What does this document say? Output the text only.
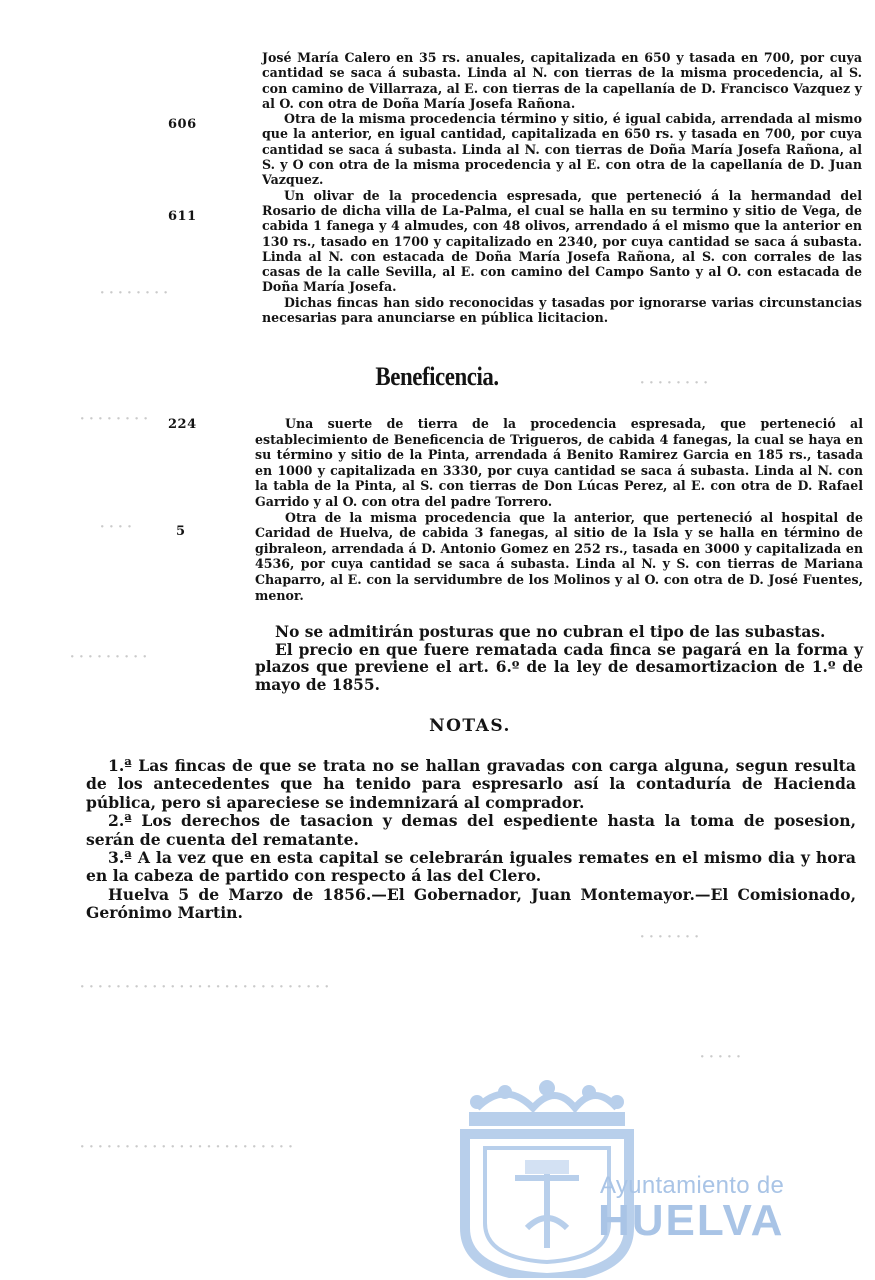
· · · · · · · ·
· · · · · · · ·
· · · · · · · ·
· · · ·
· · · · · · · · ·
· · · · · · ·
· · · · · · · · · · · · · · · · · · · · · · · · · · · ·
· · · · ·
· · · · · · · · · · · · · · · · · · · · · · · ·
606
611
224
5

José María Calero en 35 rs. anuales, capitalizada en 650 y tasada en 700, por cuya cantidad se saca á subasta. Linda al N. con tierras de la misma procedencia, al S. con camino de Villarraza, al E. con tierras de la capellanía de D. Francisco Vazquez y al O. con otra de Doña María Josefa Rañona.

Otra de la misma procedencia término y sitio, é igual cabida, arrendada al mismo que la anterior, en igual cantidad, capitalizada en 650 rs. y tasada en 700, por cuya cantidad se saca á subasta. Linda al N. con tierras de Doña María Josefa Rañona, al S. y O con otra de la misma procedencia y al E. con otra de la capellanía de D. Juan Vazquez.

Un olivar de la procedencia espresada, que perteneció á la hermandad del Rosario de dicha villa de La-Palma, el cual se halla en su termino y sitio de Vega, de cabida 1 fanega y 4 almudes, con 48 olivos, arrendado á el mismo que la anterior en 130 rs., tasado en 1700 y capitalizado en 2340, por cuya cantidad se saca á subasta. Linda al N. con estacada de Doña María Josefa Rañona, al S. con corrales de las casas de la calle Sevilla, al E. con camino del Campo Santo y al O. con estacada de Doña María Josefa.

Dichas fincas han sido reconocidas y tasadas por ignorarse varias circunstancias necesarias para anunciarse en pública licitacion.

Beneficencia.

Una suerte de tierra de la procedencia espresada, que perteneció al establecimiento de Beneficencia de Trigueros, de cabida 4 fanegas, la cual se haya en su término y sitio de la Pinta, arrendada á Benito Ramirez Garcia en 185 rs., tasada en 1000 y capitalizada en 3330, por cuya cantidad se saca á subasta. Linda al N. con la tabla de la Pinta, al S. con tierras de Don Lúcas Perez, al E. con otra de D. Rafael Garrido y al O. con otra del padre Torrero.

Otra de la misma procedencia que la anterior, que perteneció al hospital de Caridad de Huelva, de cabida 3 fanegas, al sitio de la Isla y se halla en término de gibraleon, arrendada á D. Antonio Gomez en 252 rs., tasada en 3000 y capitalizada en 4536, por cuya cantidad se saca á subasta. Linda al N. y S. con tierras de Mariana Chaparro, al E. con la servidumbre de los Molinos y al O. con otra de D. José Fuentes, menor.

No se admitirán posturas que no cubran el tipo de las subastas.

El precio en que fuere rematada cada finca se pagará en la forma y plazos que previene el art. 6.º de la ley de desamortizacion de 1.º de mayo de 1855.

NOTAS.

1.ª Las fincas de que se trata no se hallan gravadas con carga alguna, segun resulta de los antecedentes que ha tenido para espresarlo así la contaduría de Hacienda pública, pero si apareciese se indemnizará al comprador.

2.ª Los derechos de tasacion y demas del espediente hasta la toma de posesion, serán de cuenta del rematante.

3.ª A la vez que en esta capital se celebrarán iguales remates en el mismo dia y hora en la cabeza de partido con respecto á las del Clero.

Huelva 5 de Marzo de 1856.—El Gobernador, Juan Montemayor.—El Comisionado, Gerónimo Martin.

Ayuntamiento de
HUELVA
